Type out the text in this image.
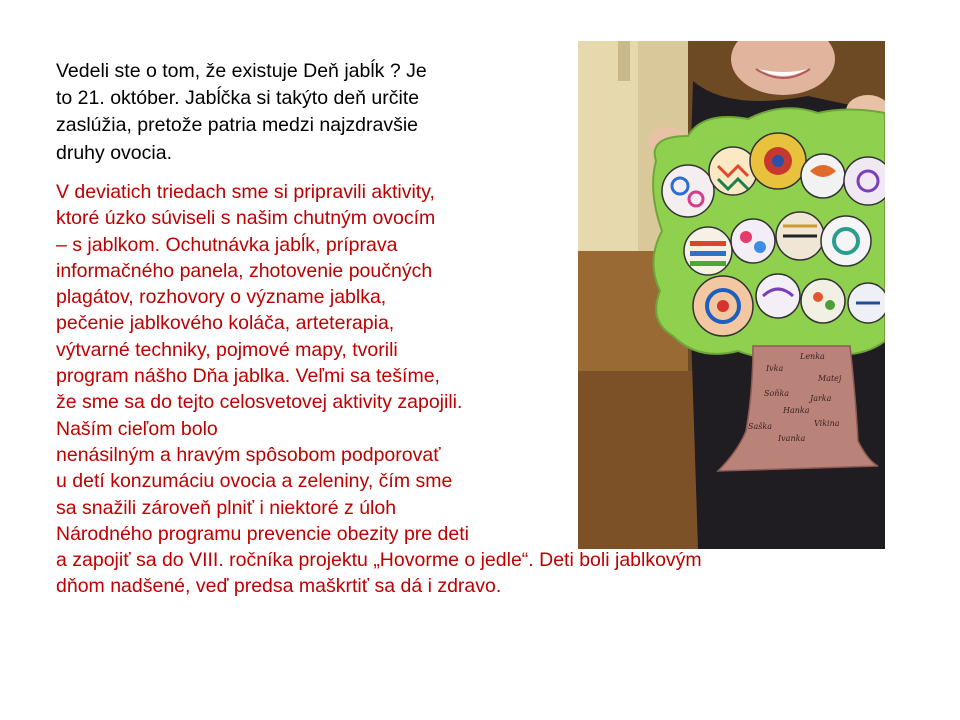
Vedeli ste o tom, že existuje Deň jabĺk ? Je
to 21. október. Jabĺčka si takýto deň určite
zaslúžia, pretože patria medzi najzdravšie
druhy ovocia.
V deviatich triedach sme si pripravili aktivity,
ktoré úzko súviseli s našim chutným ovocím
– s jablkom. Ochutnávka jabĺk, príprava
informačného panela, zhotovenie poučných
plagátov, rozhovory o význame jablka,
pečenie jablkového koláča, arteterapia,
výtvarné techniky, pojmové mapy, tvorili
program nášho Dňa jablka. Veľmi sa tešíme,
že sme sa do tejto celosvetovej aktivity zapojili.
Naším cieľom bolo
nenásilným a hravým spôsobom podporovať
u detí konzumáciu ovocia a zeleniny, čím sme
sa snažili zároveň plniť i niektoré z úloh
Národného programu prevencie obezity pre deti
a zapojiť sa do VIII. ročníka projektu „Hovorme o jedle“. Deti boli jablkovým
dňom nadšené, veď predsa maškrtiť sa dá i zdravo.
Ivka
Lenka
Matej
Soňka
Jarka
Hanka
Saška	Vikina
Ivanka
